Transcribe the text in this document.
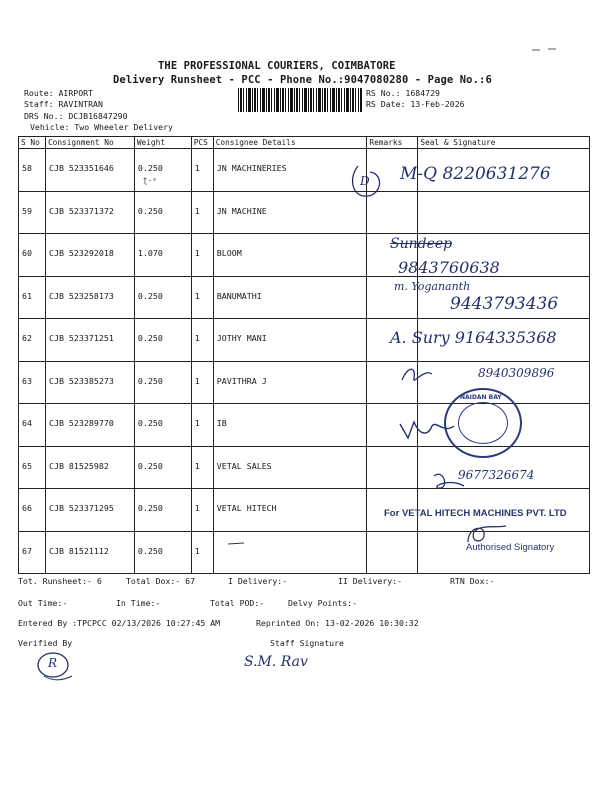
THE PROFESSIONAL COURIERS, COIMBATORE
Delivery Runsheet - PCC - Phone No.:9047080280 - Page No.:6
Route: AIRPORT
Staff: RAVINTRAN
DRS No.: DCJB16847290
Vehicle: Two Wheeler Delivery
RS No.: 1684729
RS Date: 13-Feb-2026
S No	Consignment No	Weight	PCS	Consignee Details	Remarks	Seal & Signature
58	CJB 523351646	0.250	1	JN MACHINERIES		
59	CJB 523371372	0.250	1	JN MACHINE		
60	CJB 523292018	1.070	1	BLOOM		
61	CJB 523258173	0.250	1	BANUMATHI		
62	CJB 523371251	0.250	1	JOTHY MANI		
63	CJB 523385273	0.250	1	PAVITHRA J		
64	CJB 523289770	0.250	1	IB		
65	CJB 81525982	0.250	1	VETAL SALES		
66	CJB 523371295	0.250	1	VETAL HITECH		
67	CJB 81521112	0.250	1			
D M-Q 8220631276
Sundeep
9843760638
m. Yogananth
9443793436
A. Sury 9164335368
8940309896
NAIDAN BAY
9677326674
For VETAL HITECH MACHINES PVT. LTD
Authorised Signatory
ʈ·ᵃ
Tot. Runsheet:- 6	Total Dox:- 67	I Delivery:-	II Delivery:-	RTN Dox:-
Out Time:-	In Time:-	Total POD:-	Delvy Points:-
Entered By :TPCPCC 02/13/2026 10:27:45 AM	Reprinted On: 13-02-2026 10:30:32
Verified By	Staff Signature
R	S.M. Rav
